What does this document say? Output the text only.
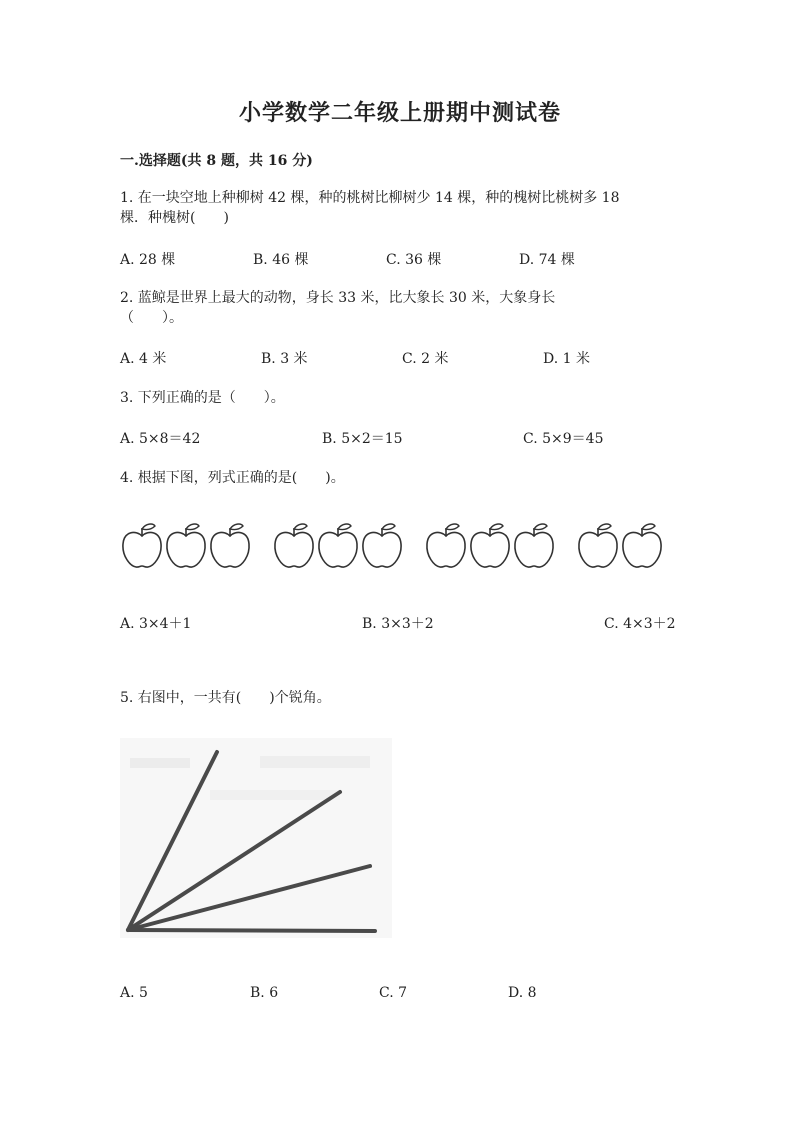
小学数学二年级上册期中测试卷
一.选择题(共 8 题，共 16 分)
1. 在一块空地上种柳树 42 棵，种的桃树比柳树少 14 棵，种的槐树比桃树多 18
棵．种槐树(　　)
A. 28 棵	B. 46 棵	C. 36 棵	D. 74 棵
2. 蓝鲸是世界上最大的动物，身长 33 米，比大象长 30 米，大象身长
（　　）。
A. 4 米	B. 3 米	C. 2 米	D. 1 米
3. 下列正确的是（　　）。
A. 5×8＝42	B. 5×2＝15	C. 5×9＝45
4. 根据下图，列式正确的是(　　)。
A. 3×4＋1	B. 3×3＋2	C. 4×3＋2
5. 右图中，一共有(　　)个锐角。
A. 5	B. 6	C. 7	D. 8
